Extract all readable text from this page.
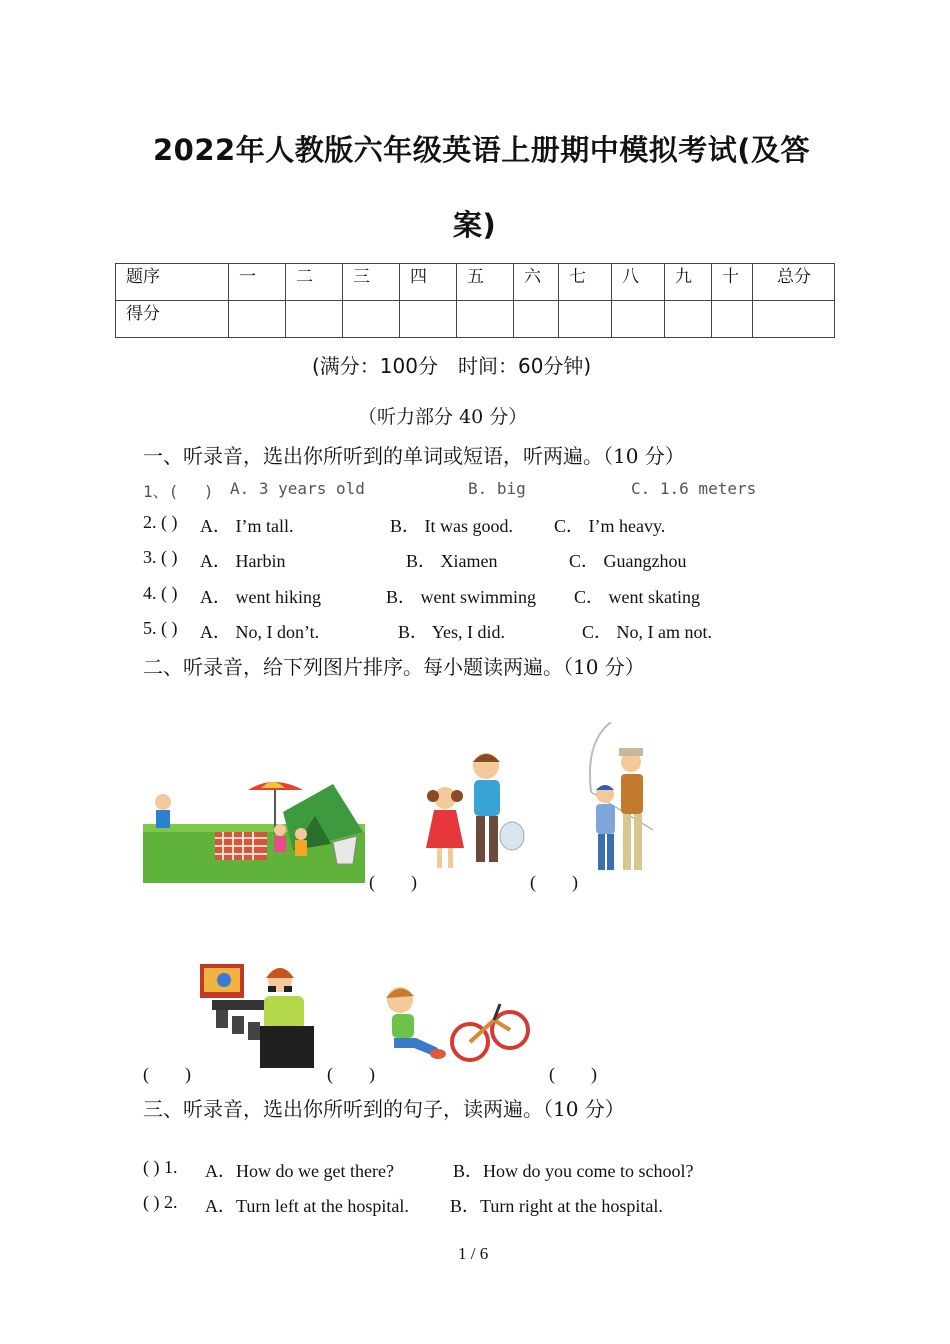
2022年人教版六年级英语上册期中模拟考试(及答
案)
题序	一	二	三	四	五	六	七	八	九	十	总分
得分											
(满分：100分　时间：60分钟)
（听力部分 40 分）
一、听录音，选出你所听到的单词或短语，听两遍。（10 分）
1、(　 ) A. 3 years old	B. big	C. 1.6 meters
2. ( ) A． I’m tall.	B． It was good. C． I’m heavy.
3. ( ) A． Harbin	B． Xiamen	C． Guangzhou
4. ( ) A． went hiking	B． went swimming C． went skating
5. ( ) A． No, I don’t.	B． Yes, I did.	C． No, I am not.
二、听录音，给下列图片排序。每小题读两遍。（10 分）
(　　)	(　　)
(　　)	(　　)	(　　)
三、听录音，选出你所听到的句子，读两遍。（10 分）
( ) 1. A．How do we get there?	B．How do you come to school?
( ) 2. A．Turn left at the hospital. B．Turn right at the hospital.
1 / 6
